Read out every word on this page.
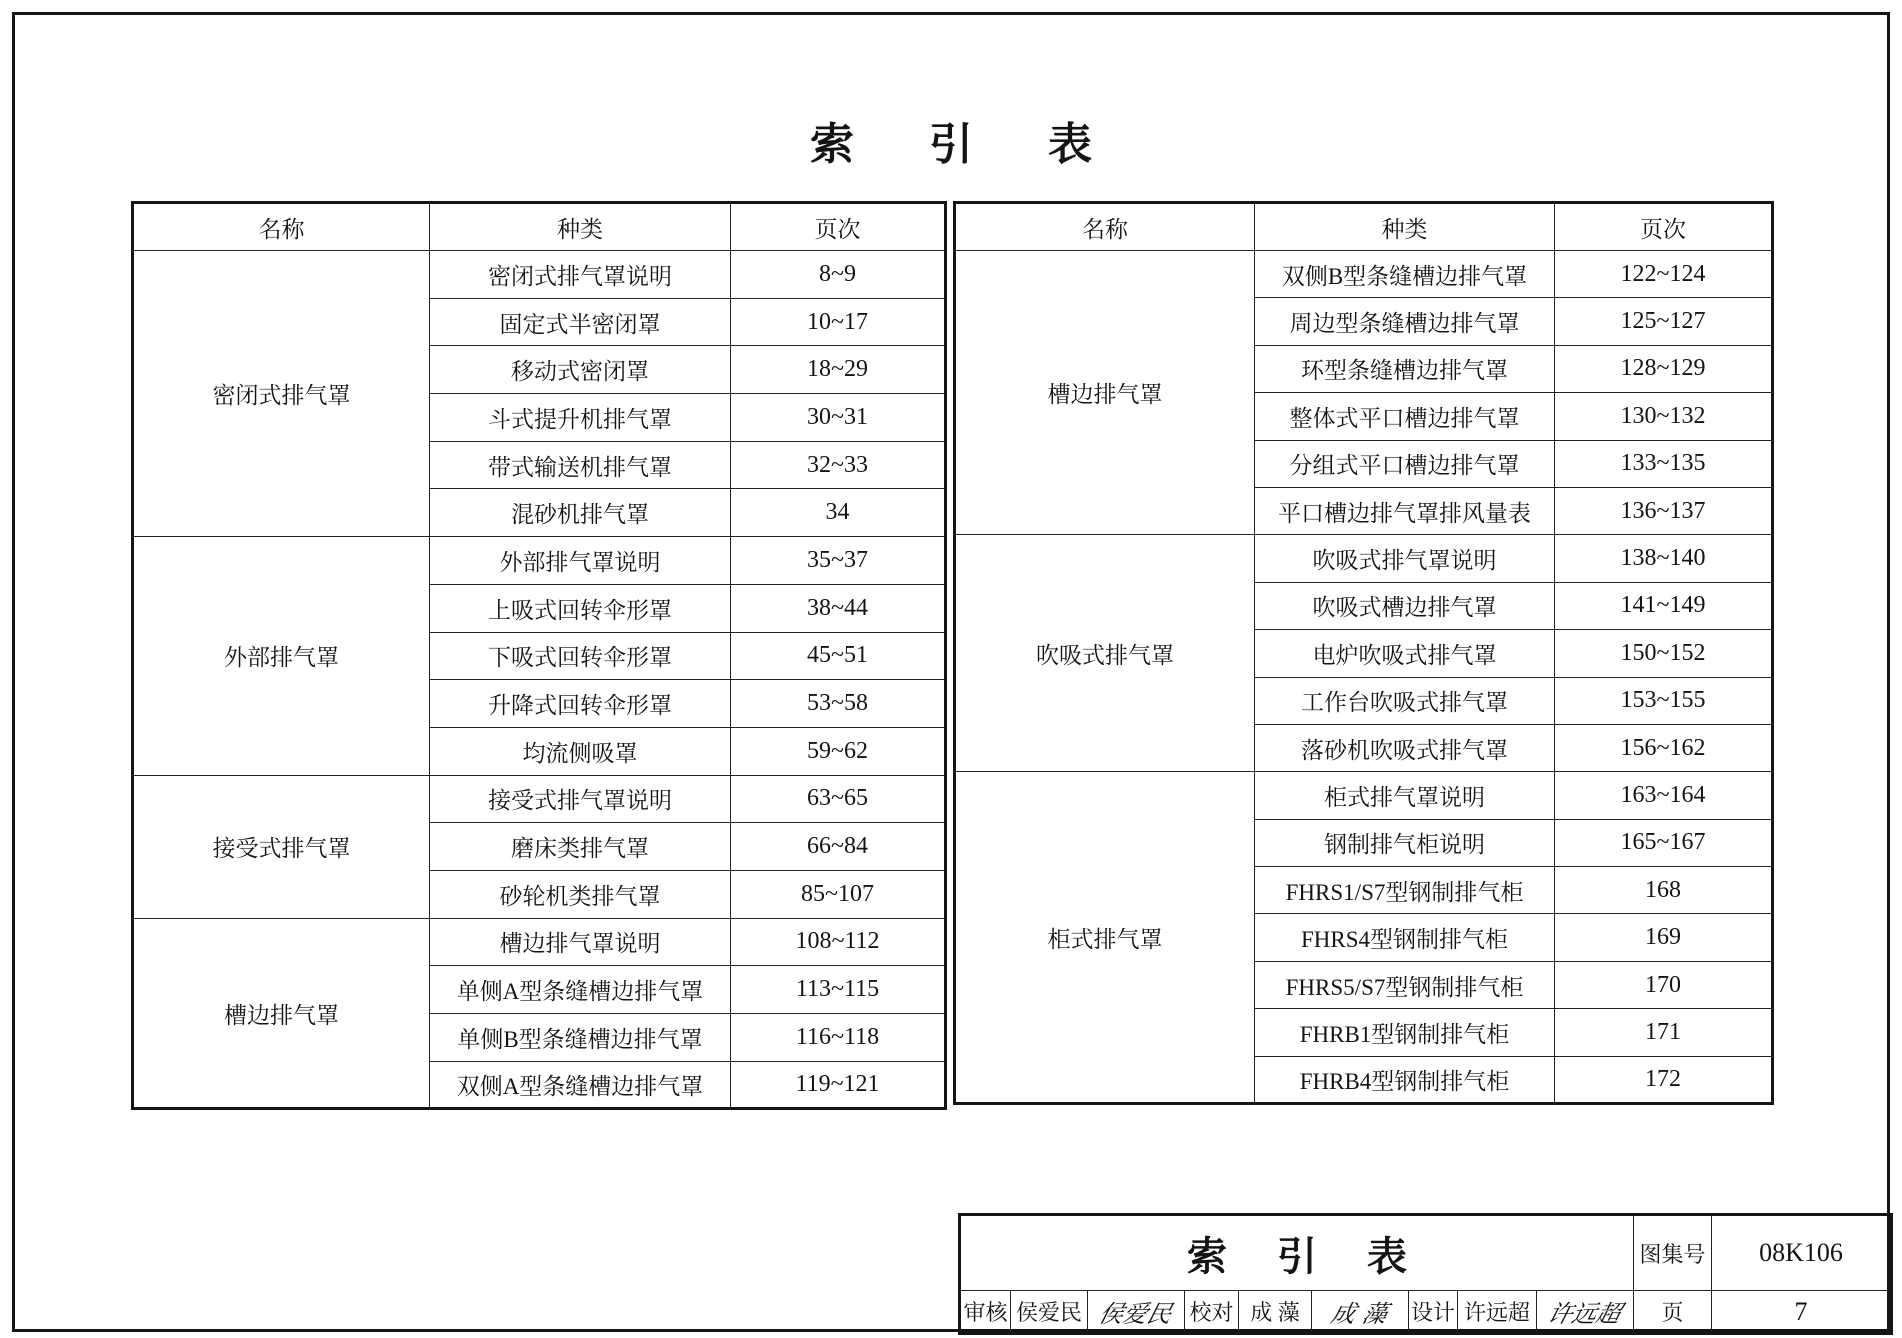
索 引 表
名称	种类	页次
密闭式排气罩	密闭式排气罩说明	8~9
	固定式半密闭罩	10~17
	移动式密闭罩	18~29
	斗式提升机排气罩	30~31
	带式输送机排气罩	32~33
	混砂机排气罩	34
外部排气罩	外部排气罩说明	35~37
	上吸式回转伞形罩	38~44
	下吸式回转伞形罩	45~51
	升降式回转伞形罩	53~58
	均流侧吸罩	59~62
接受式排气罩	接受式排气罩说明	63~65
	磨床类排气罩	66~84
	砂轮机类排气罩	85~107
槽边排气罩	槽边排气罩说明	108~112
	单侧A型条缝槽边排气罩	113~115
	单侧B型条缝槽边排气罩	116~118
	双侧A型条缝槽边排气罩	119~121
名称	种类	页次
槽边排气罩	双侧B型条缝槽边排气罩	122~124
	周边型条缝槽边排气罩	125~127
	环型条缝槽边排气罩	128~129
	整体式平口槽边排气罩	130~132
	分组式平口槽边排气罩	133~135
	平口槽边排气罩排风量表	136~137
吹吸式排气罩	吹吸式排气罩说明	138~140
	吹吸式槽边排气罩	141~149
	电炉吹吸式排气罩	150~152
	工作台吹吸式排气罩	153~155
	落砂机吹吸式排气罩	156~162
柜式排气罩	柜式排气罩说明	163~164
	钢制排气柜说明	165~167
	FHRS1/S7型钢制排气柜	168
	FHRS4型钢制排气柜	169
	FHRS5/S7型钢制排气柜	170
	FHRB1型钢制排气柜	171
	FHRB4型钢制排气柜	172
索 引 表									图集号	08K106
审核	侯爱民	侯爱民	校对	成 藻	成 藻	设计	许远超	许远超	页	7
